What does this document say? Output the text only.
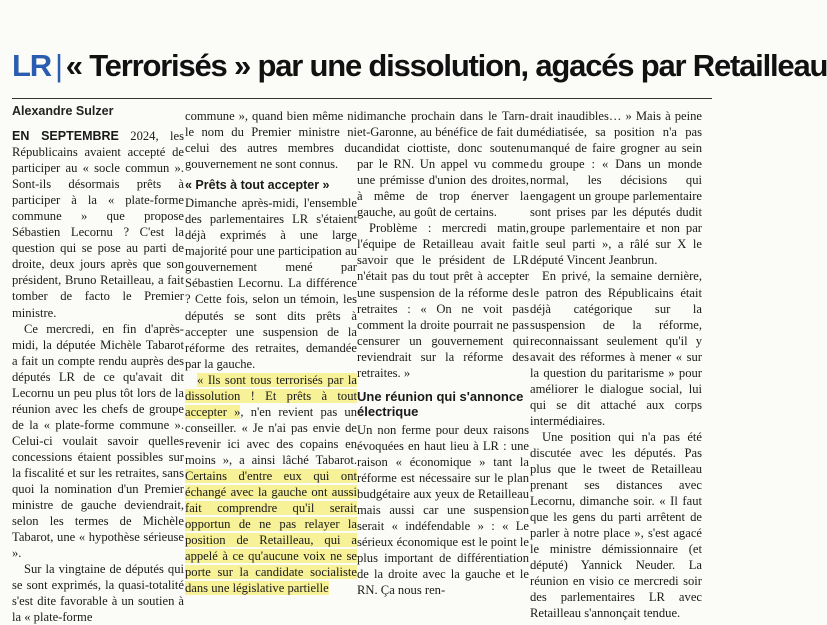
LR | « Terrorisés » par une dissolution, agacés par Retailleau
Alexandre Sulzer

EN SEPTEMBRE 2024, les Républicains avaient accepté de participer au « socle commun ». Sont-ils désormais prêts à participer à la « plate-forme commune » que propose Sébastien Lecornu ? C'est la question qui se pose au parti de droite, deux jours après que son président, Bruno Retailleau, a fait tomber de facto le Premier ministre.

Ce mercredi, en fin d'après-midi, la députée Michèle Tabarot a fait un compte rendu auprès des députés LR de ce qu'avait dit Lecornu un peu plus tôt lors de la réunion avec les chefs de groupe de la « plate-forme commune ». Celui-ci voulait savoir quelles concessions étaient possibles sur la fiscalité et sur les retraites, sans quoi la nomination d'un Premier ministre de gauche deviendrait, selon les termes de Michèle Tabarot, une « hypothèse sérieuse ».

Sur la vingtaine de députés qui se sont exprimés, la quasi-totalité s'est dite favorable à un soutien à la « plate-forme

commune », quand bien même ni le nom du Premier ministre ni celui des autres membres du gouvernement ne sont connus.

« Prêts à tout accepter »

Dimanche après-midi, l'ensemble des parlementaires LR s'étaient déjà exprimés à une large majorité pour une participation au gouvernement mené par Sébastien Lecornu. La différence ? Cette fois, selon un témoin, les députés se sont dits prêts à accepter une suspension de la réforme des retraites, demandée par la gauche.

« Ils sont tous terrorisés par la dissolution ! Et prêts à tout accepter », n'en revient pas un conseiller. « Je n'ai pas envie de revenir ici avec des copains en moins », a ainsi lâché Tabarot. Certains d'entre eux qui ont échangé avec la gauche ont aussi fait comprendre qu'il serait opportun de ne pas relayer la position de Retailleau, qui a appelé à ce qu'aucune voix ne se porte sur la candidate socialiste dans une législative partielle

dimanche prochain dans le Tarn-et-Garonne, au bénéfice de fait du candidat ciottiste, donc soutenu par le RN. Un appel vu comme une prémisse d'union des droites, à même de trop énerver la gauche, au goût de certains.

Problème : mercredi matin, l'équipe de Retailleau avait fait savoir que le président de LR n'était pas du tout prêt à accepter une suspension de la réforme des retraites : « On ne voit pas comment la droite pourrait ne pas censurer un gouvernement qui reviendrait sur la réforme des retraites. »

Une réunion qui s'annonce électrique

Un non ferme pour deux raisons évoquées en haut lieu à LR : une raison « économique » tant la réforme est nécessaire sur le plan budgétaire aux yeux de Retailleau mais aussi car une suspension serait « indéfendable » : « Le sérieux économique est le point le plus important de différentiation de la droite avec la gauche et le RN. Ça nous ren-

drait inaudibles… » Mais à peine médiatisée, sa position n'a pas manqué de faire grogner au sein du groupe : « Dans un monde normal, les décisions qui engagent un groupe parlementaire sont prises par les députés dudit groupe parlementaire et non par le seul parti », a râlé sur X le député Vincent Jeanbrun.

En privé, la semaine dernière, le patron des Républicains était déjà catégorique sur la suspension de la réforme, reconnaissant seulement qu'il y avait des réformes à mener « sur la question du paritarisme » pour améliorer le dialogue social, lui qui se dit attaché aux corps intermédiaires.

Une position qui n'a pas été discutée avec les députés. Pas plus que le tweet de Retailleau prenant ses distances avec Lecornu, dimanche soir. « Il faut que les gens du parti arrêtent de parler à notre place », s'est agacé le ministre démissionnaire (et député) Yannick Neuder. La réunion en visio ce mercredi soir des parlementaires LR avec Retailleau s'annonçait tendue.
